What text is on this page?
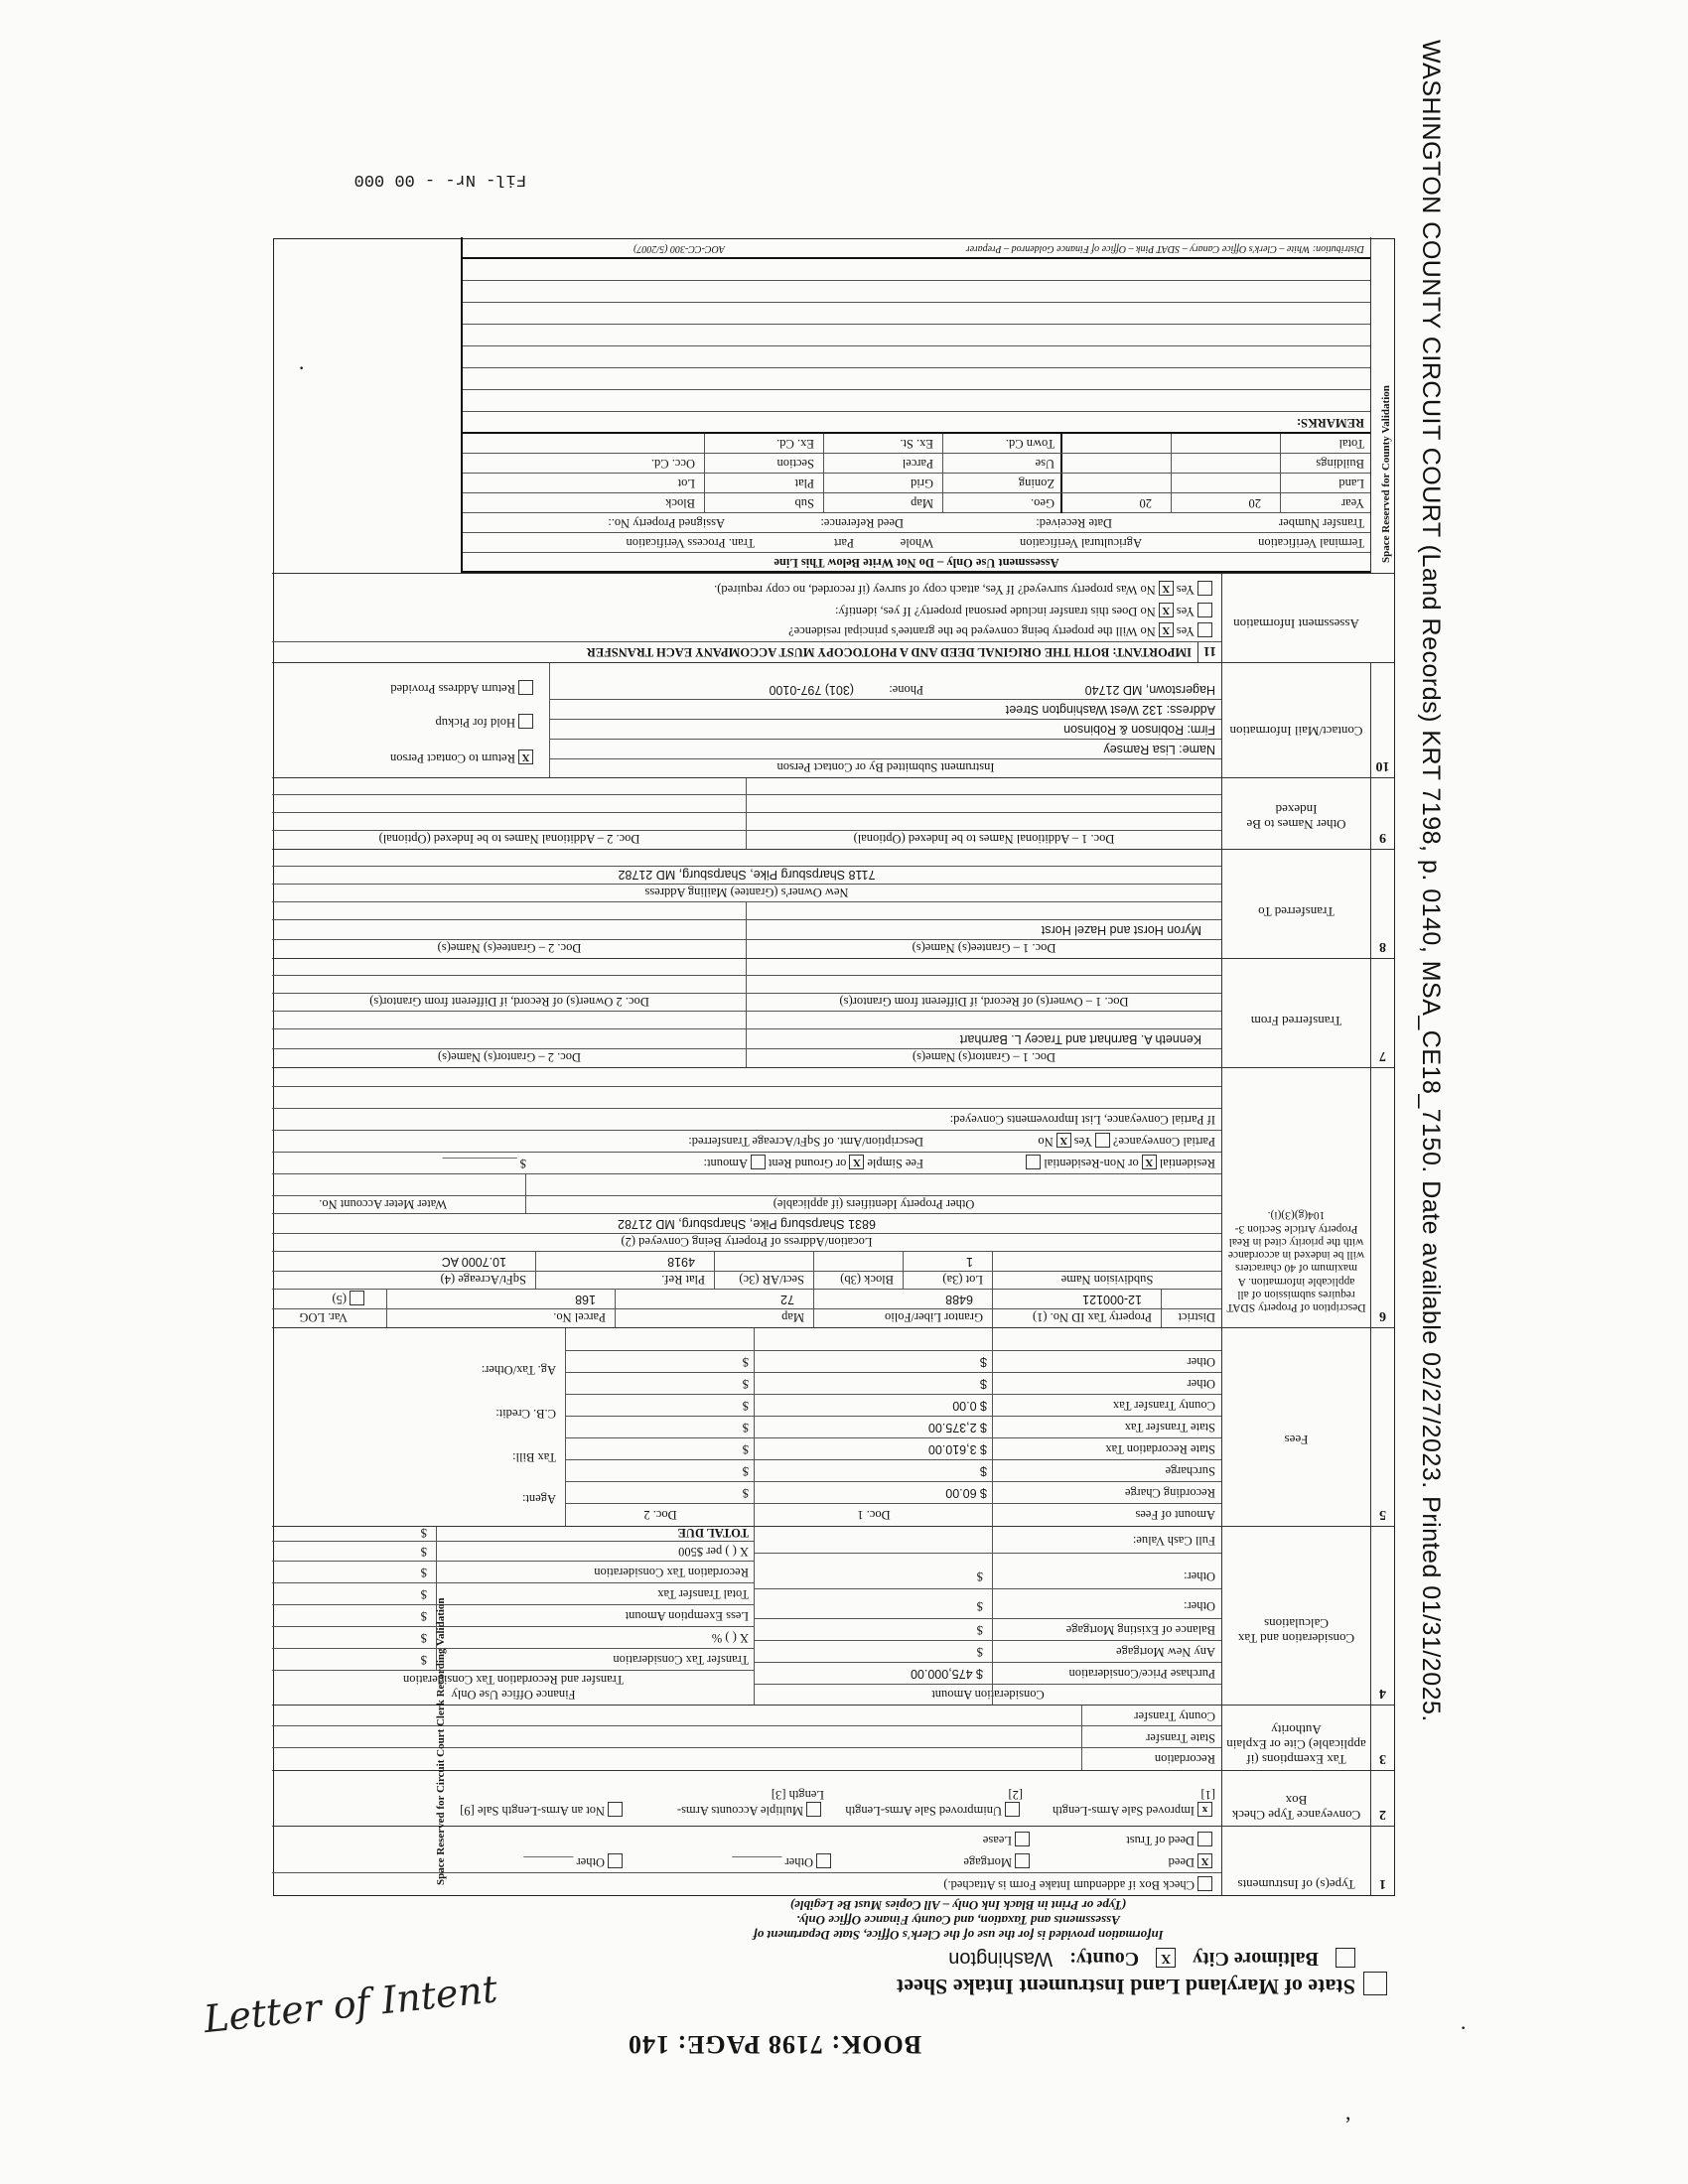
WASHINGTON COUNTY CIRCUIT COURT (Land Records) KRT 7198, p. 0140, MSA_CE18_7150. Date available 02/27/2023. Printed 01/31/2025.
Fil- Nr- - 00 000
BOOK: 7198 PAGE: 140
Letter of Intent
·
·
,
State of Maryland Land Instrument Intake Sheet
Baltimore City X County: Washington
Information provided is for the use of the Clerk's Office, State Department of
Assessments and Taxation, and County Finance Office Only.
(Type or Print in Black Ink Only – All Copies Must Be Legible)
1
Type(s) of Instruments
Check Box if addendum Intake Form is Attached.)
XDeed
Mortgage
Other ________
Other ________
Deed of Trust
Lease
2
Conveyance Type Check Box
xImproved Sale Arms-Length [1]
Unimproved Sale Arms-Length [2]
Multiple Accounts Arms-Length [3]
Not an Arms-Length Sale [9]
3
Tax Exemptions (if applicable) Cite or Explain Authority
Recordation
State Transfer
County Transfer
4
Consideration and Tax Calculations
Consideration Amount
Finance Office Use Only
Transfer and Recordation Tax Consideration	Purchase Price/Consideration
$ 475,000.00
Any New Mortgage
$
Balance of Existing Mortgage
$
Other:
$
Other:
$
Full Cash Value:
Transfer Tax Consideration
$
X ( ) %
$
Less Exemption Amount
$
Total Transfer Tax
$
Recordation Tax Consideration
$
X ( ) per $500
$
TOTAL DUE
$
5
Fees
Amount of Fees
Doc. 1
Doc. 2
Recording Charge
$ 60.00
$
Surcharge
$
$
State Recordation Tax
$ 3,610.00
$
State Transfer Tax
$ 2,375.00
$
County Transfer Tax
$ 0.00
$
Other
$
$
Other
$
$
Agent:
Tax Bill:
C.B. Credit:
Ag. Tax/Other:
6
Description of Property SDAT requires submission of all applicable information. A maximum of 40 characters will be indexed in accordance with the priority cited in Real Property Article Section 3-104(g)(3)(i).
District
Property Tax ID No. (1)
Grantor Liber/Folio
Map
Parcel No.
Var. LOG
12-000121
6488
72
168
(5)
Subdivision Name
Lot (3a)
Block (3b)
Sect/AR (3c)
Plat Ref.
SqFt/Acreage (4)
1
4918
10.7000 AC
Location/Address of Property Being Conveyed (2)
6831 Sharpsburg Pike, Sharpsburg, MD 21782
Other Property Identifiers (if applicable)
Water Meter Account No.
ResidentialXor Non-Residential
Fee SimpleXor Ground RentAmount:
$ ____________
Partial Conveyance?YesXNo
Description/Amt. of SqFt/Acreage Transferred:
If Partial Conveyance, List Improvements Conveyed:
7
Transferred From
Doc. 1 – Grantor(s) Name(s)
Doc. 2 – Grantor(s) Name(s)
Kenneth A. Barnhart and Tracey L. Barnhart
Doc. 1 – Owner(s) of Record, if Different from Grantor(s)
Doc. 2 Owner(s) of Record, if Different from Grantor(s)
8
Transferred To
Doc. 1 – Grantee(s) Name(s)
Doc. 2 – Grantee(s) Name(s)
Myron Horst and Hazel Horst
New Owner's (Grantee) Mailing Address
7118 Sharpsburg Pike, Sharpsburg, MD 21782
9
Other Names to Be Indexed
Doc. 1 – Additional Names to be Indexed (Optional)
Doc. 2 – Additional Names to be Indexed (Optional)
10
Contact/Mail Information
Instrument Submitted By or Contact Person
Name: Lisa Ramsey
Firm: Robinson & Robinson
Address: 132 West Washington Street
Hagerstown, MD 21740
Phone:
(301) 797-0100
XReturn to Contact Person
Hold for Pickup
Return Address Provided
11
Assessment Information
IMPORTANT: BOTH THE ORIGINAL DEED AND A PHOTOCOPY MUST ACCOMPANY EACH TRANSFER
YesXNo Will the property being conveyed be the grantee's principal residence?
YesXNo Does this transfer include personal property? If yes, identify:
YesXNo Was property surveyed? If Yes, attach copy of survey (if recorded, no copy required).
Space Reserved for County Validation
Assessment Use Only – Do Not Write Below This Line
Terminal Verification
Agricultural Verification
Whole
Part
Tran. Process Verification
Transfer Number
Date Received:
Deed Reference:
Assigned Property No.:
Year
20
20
Land
Buildings
Total
Geo.
Map
Sub
Block
Zoning
Grid
Plat
Lot
Use
Parcel
Section
Occ. Cd.
Town Cd.
Ex. St.
Ex. Cd.
REMARKS:
Distribution: White – Clerk's Office Canary – SDAT Pink – Office of Finance Goldenrod – Preparer
AOC-CC-300 (5/2007)
Space Reserved for Circuit Court Clerk Recording Validation
